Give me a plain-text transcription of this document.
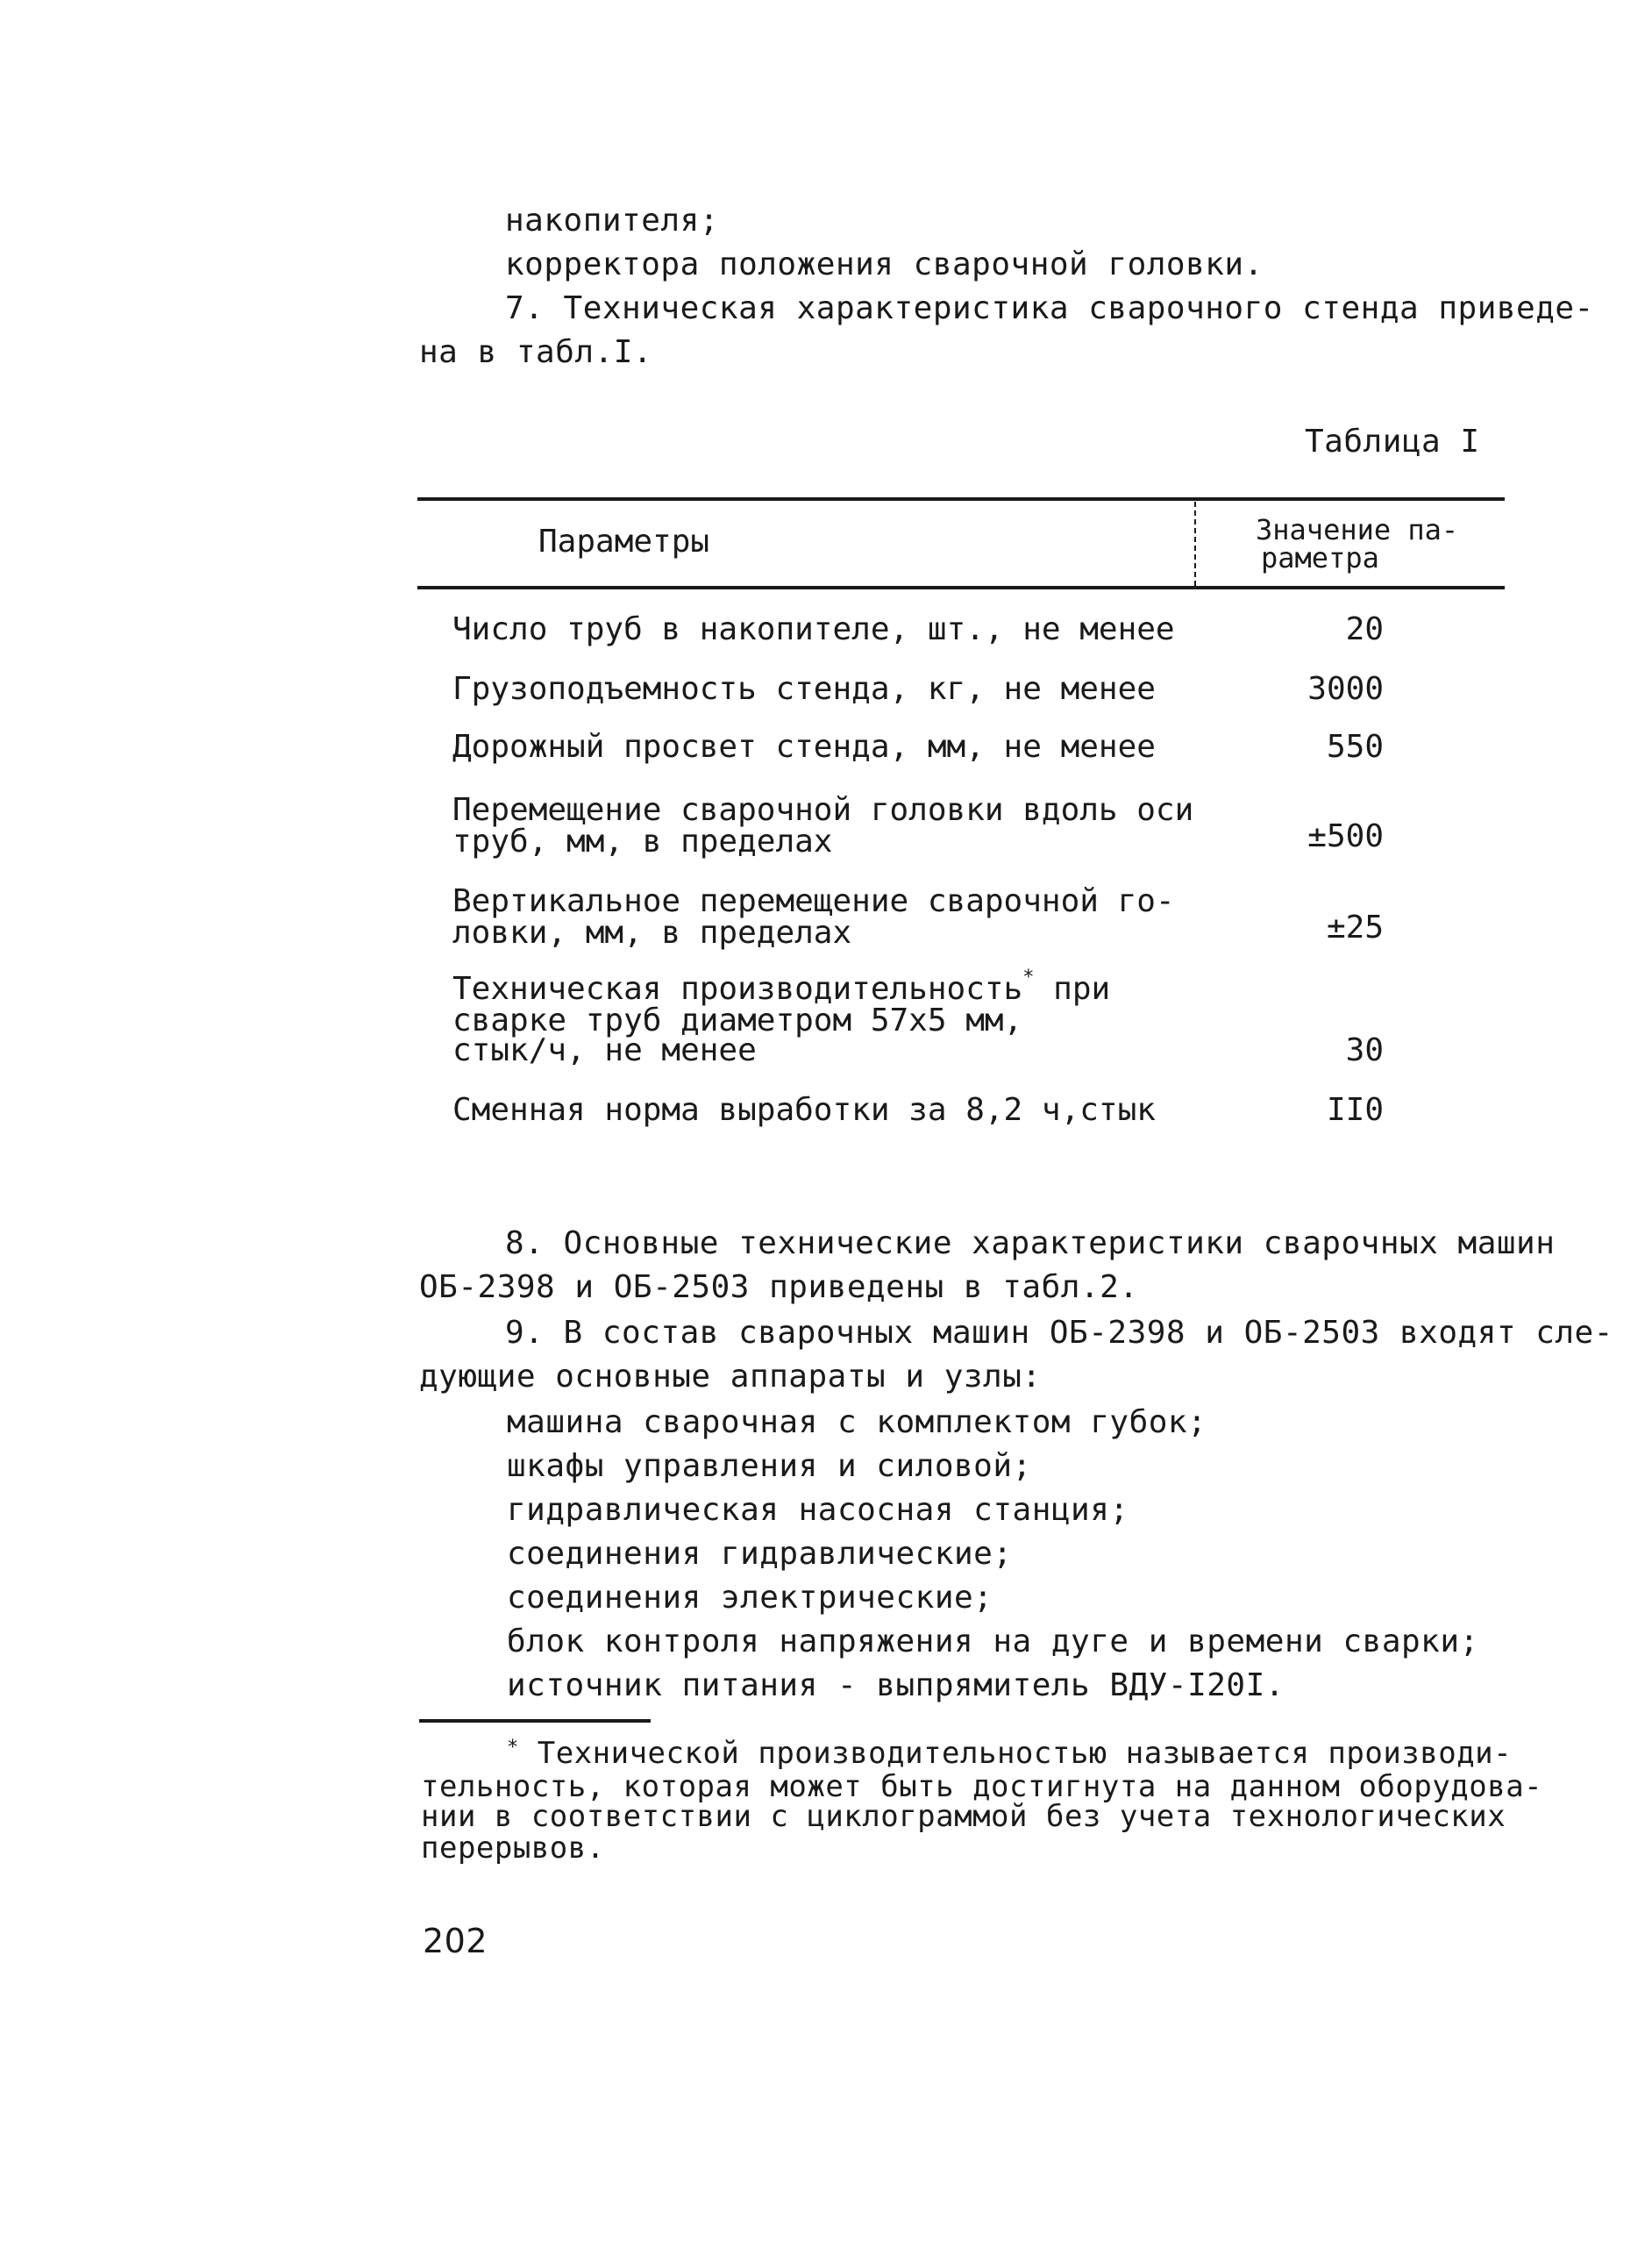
накопителя;
корректора положения сварочной головки.
7. Техническая характеристика сварочного стенда приведе-
на в табл.I.
Таблица I
Параметры	Значение па-
раметра
Число труб в накопителе, шт., не менее	20
Грузоподъемность стенда, кг, не менее	3000
Дорожный просвет стенда, мм, не менее	550
Перемещение сварочной головки вдоль оси
труб, мм, в пределах	±500
Вертикальное перемещение сварочной го-
ловки, мм, в пределах	±25
Техническая производительность* при
сварке труб диаметром 57х5 мм,
стык/ч, не менее	30
Сменная норма выработки за 8,2 ч,стык	II0
8. Основные технические характеристики сварочных машин
ОБ-2398 и ОБ-2503 приведены в табл.2.
9. В состав сварочных машин ОБ-2398 и ОБ-2503 входят сле-
дующие основные аппараты и узлы:
машина сварочная с комплектом губок;
шкафы управления и силовой;
гидравлическая насосная станция;
соединения гидравлические;
соединения электрические;
блок контроля напряжения на дуге и времени сварки;
источник питания - выпрямитель ВДУ-I20I.
* Технической производительностью называется производи-
тельность, которая может быть достигнута на данном оборудова-
нии в соответствии с циклограммой без учета технологических
перерывов.
202
